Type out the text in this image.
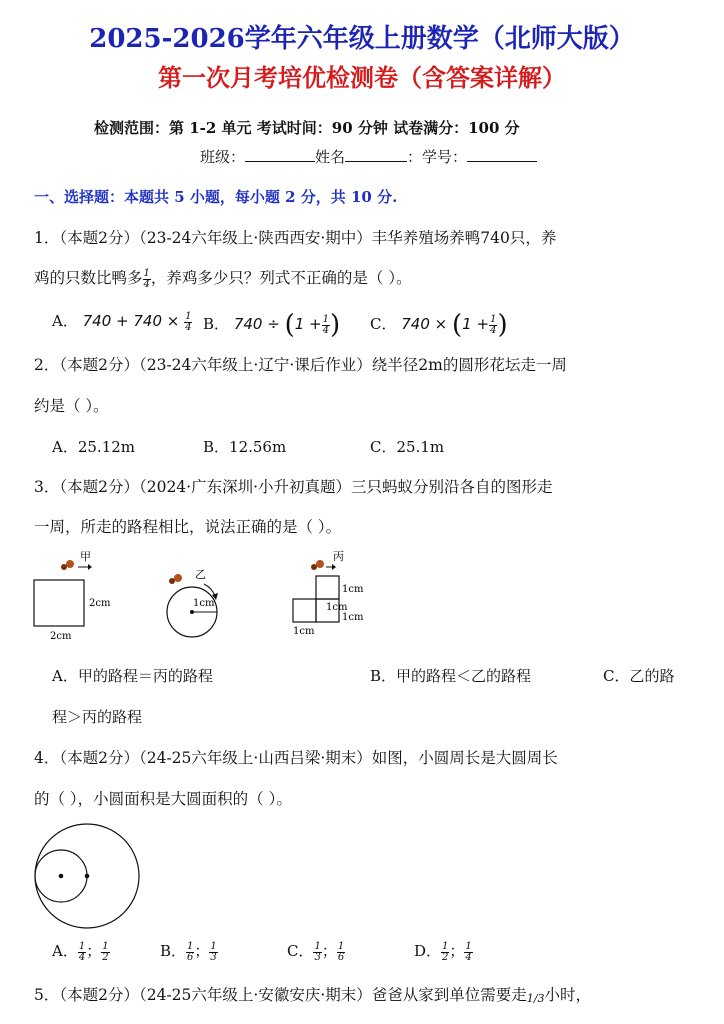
2025-2026学年六年级上册数学（北师大版）
第一次月考培优检测卷（含答案详解）
检测范围：第 1-2 单元 考试时间：90 分钟 试卷满分：100 分
班级：	姓名	：学号：
一、选择题：本题共 5 小题，每小题 2 分，共 10 分.
1．（本题2分）（23-24六年级上·陕西西安·期中）丰华养殖场养鸭740只，养
鸡的只数比鸭多 $\frac{1}{4}$ ，养鸡多少只？列式不正确的是（ ）。
A． $740 + 740 \times \frac{1}{4}$ B． $740 \div (1 + \frac{1}{4}$ ) C． $740 \times (1 + \frac{1}{4}$ )
2．（本题2分）（23-24六年级上·辽宁·课后作业）绕半径2m的圆形花坛走一周
约是（ ）。
A．25.12m	B．12.56m	C．25.1m
3．（本题2分）（2024·广东深圳·小升初真题）三只蚂蚁分别沿各自的图形走
一周，所走的路程相比，说法正确的是（ ）。
甲
2cm
2cm
乙
1cm
丙
1cm
1cm
1cm
1cm
A．甲的路程＝丙的路程	B．甲的路程＜乙的路程	C．乙的路
程＞丙的路程
4．（本题2分）（24-25六年级上·山西吕梁·期末）如图，小圆周长是大圆周长
的（ ），小圆面积是大圆面积的（ ）。
A． $\frac{1}{4}$ ； $\frac{1}{2}$	B． $\frac{1}{6}$ ； $\frac{1}{3}$	C． $\frac{1}{3}$ ； $\frac{1}{6}$	D． $\frac{1}{2}$ ； $\frac{1}{4}$
5．（本题2分）（24-25六年级上·安徽安庆·期末）爸爸从家到单位需要走1/3小时，
